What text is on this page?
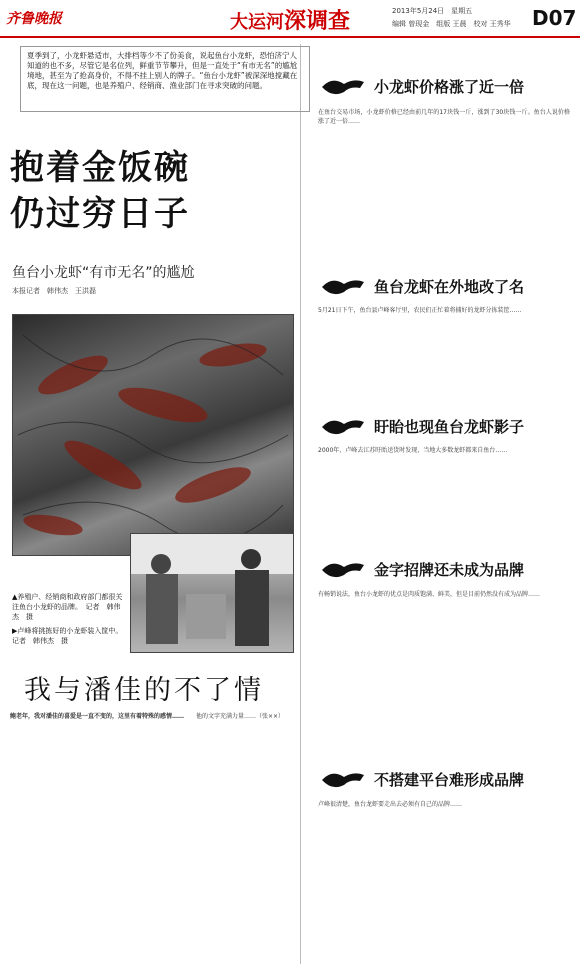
齐鲁晚报	大运河深调查	2013年5月24日　星期五
编辑 曾现金　组版 王晨　校对 王秀华 D07
夏季到了，小龙虾悬适市，大排档等少不了份美食，说起鱼台小龙虾，恐怕济宁人知道的也不多，尽管它是名位列，鲜重节节攀升，但是一直处于“有市无名”的尴尬境地，甚至为了抢高身价，不得不挂上别人的牌子。“鱼台小龙虾”被深深地搅藏在底，现在这一问题，也是养殖户、经销商、渔业部门在寻求突破的问题。
抱着金饭碗
仍过穷日子
鱼台小龙虾“有市无名”的尴尬
本报记者　韩伟杰　王洪磊
▲养殖户、经销商和政府部门都很关注鱼台小龙虾的品牌。　记者　韩伟杰　摄
▶卢峰将挑拣好的小龙虾装入筐中。　记者　韩伟杰　摄
小龙虾价格涨了近一倍
在鱼台交易市场，小龙虾价格已经由前几年的17块钱一斤，涨到了30块钱一斤。鱼台人说价格涨了近一倍……
鱼台龙虾在外地改了名
5月21日下午，鱼台县卢峰客厅里，农民们正忙着将捕好的龙虾分拣装筐……
盱眙也现鱼台龙虾影子
2000年，卢峰去江苏盱眙送货时发现，当地大多数龙虾都来自鱼台……
金字招牌还未成为品牌
有畅销说法，鱼台小龙虾的优点是肉质饱满、鲜美，但是目前仍然没有成为品牌……
不搭建平台难形成品牌
卢峰很清楚，鱼台龙虾要走出去必须有自己的品牌……
我与潘佳的不了情
鲍老年，我对潘佳的喜爱是一直不变的，这里有着特殊的感情……	他的文字充满力量……（张××）
